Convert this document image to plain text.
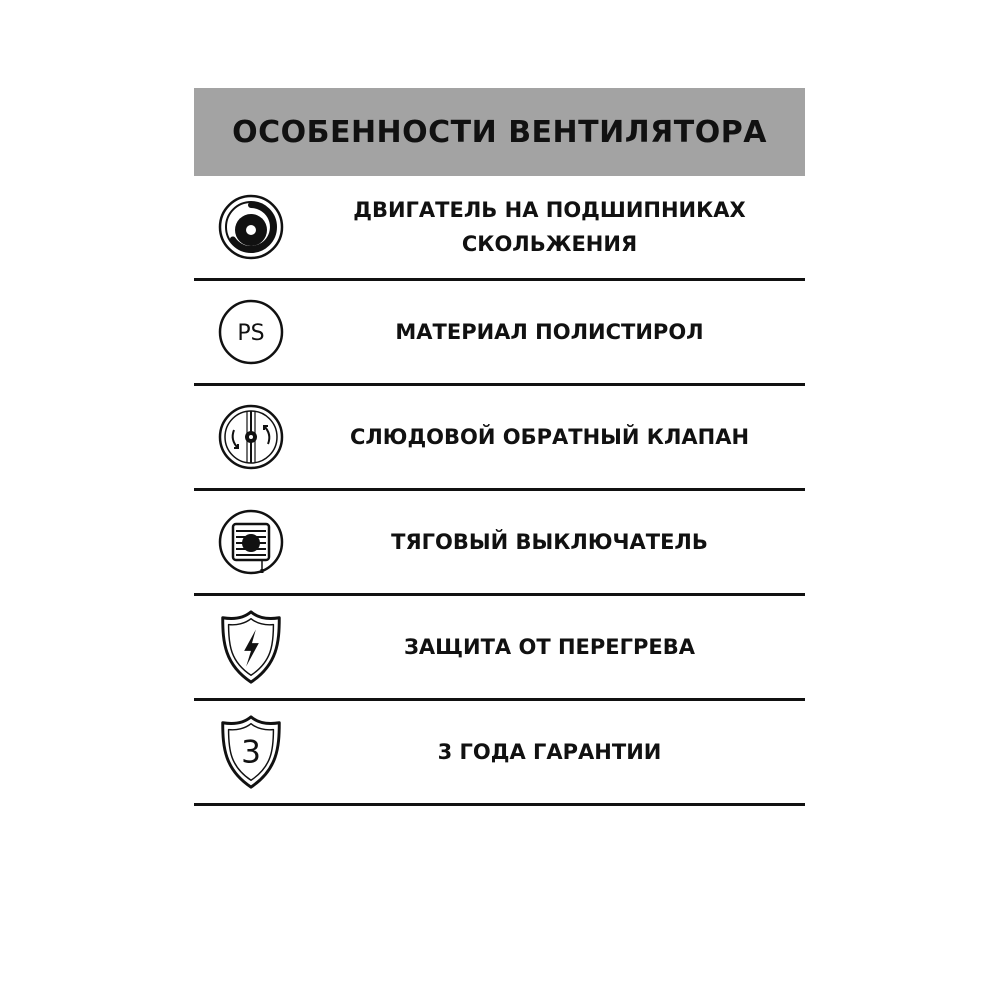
ОСОБЕННОСТИ ВЕНТИЛЯТОРА
ДВИГАТЕЛЬ НА ПОДШИПНИКАХ СКОЛЬЖЕНИЯ
PS	МАТЕРИАЛ ПОЛИСТИРОЛ
СЛЮДОВОЙ ОБРАТНЫЙ КЛАПАН
ТЯГОВЫЙ ВЫКЛЮЧАТЕЛЬ
ЗАЩИТА ОТ ПЕРЕГРЕВА
3	3 ГОДА ГАРАНТИИ
